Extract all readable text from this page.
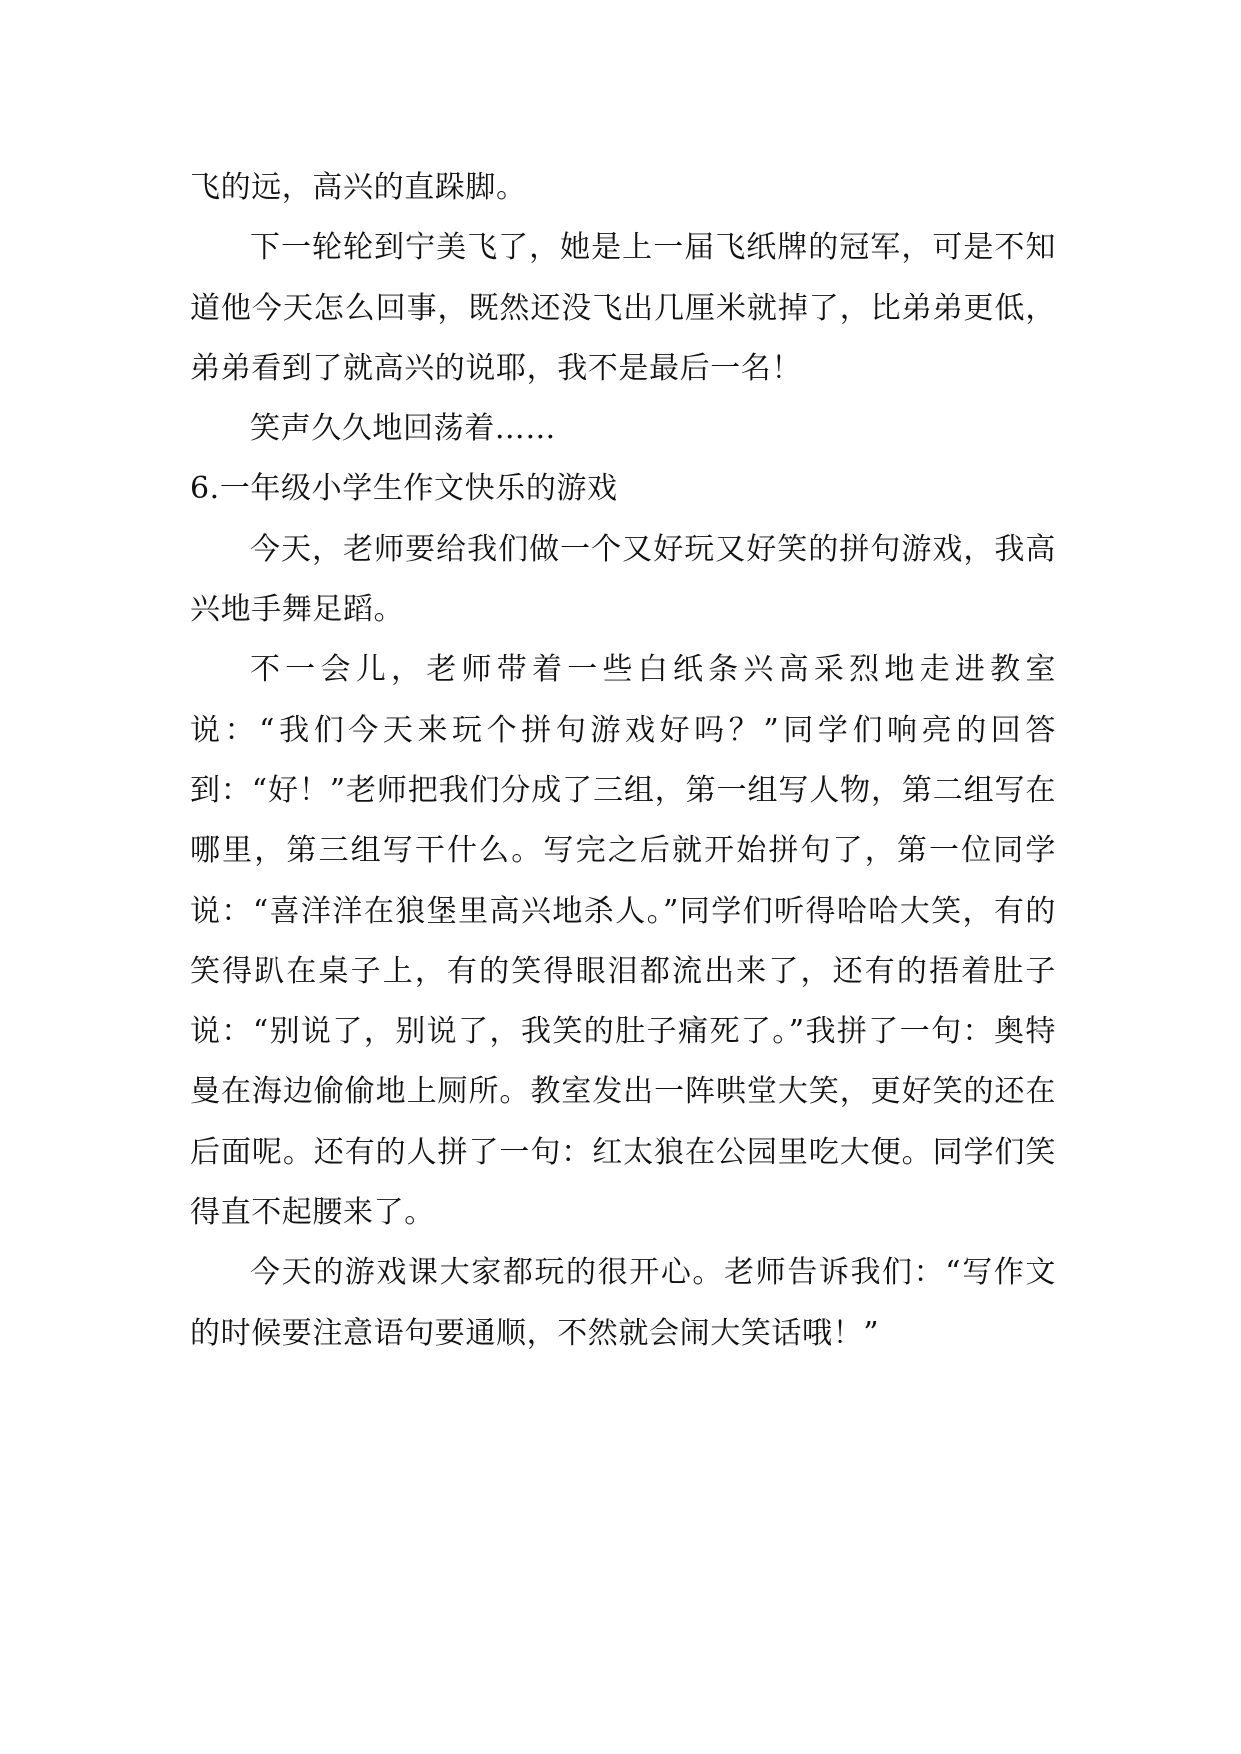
飞的远，高兴的直跺脚。

下一轮轮到宁美飞了，她是上一届飞纸牌的冠军，可是不知道他今天怎么回事，既然还没飞出几厘米就掉了，比弟弟更低，弟弟看到了就高兴的说耶，我不是最后一名！

笑声久久地回荡着……

6.一年级小学生作文快乐的游戏

今天，老师要给我们做一个又好玩又好笑的拼句游戏，我高兴地手舞足蹈。

不一会儿，老师带着一些白纸条兴高采烈地走进教室说：“我们今天来玩个拼句游戏好吗？”同学们响亮的回答到：“好！”老师把我们分成了三组，第一组写人物，第二组写在哪里，第三组写干什么。写完之后就开始拼句了，第一位同学说：“喜洋洋在狼堡里高兴地杀人。”同学们听得哈哈大笑，有的笑得趴在桌子上，有的笑得眼泪都流出来了，还有的捂着肚子说：“别说了，别说了，我笑的肚子痛死了。”我拼了一句：奥特曼在海边偷偷地上厕所。教室发出一阵哄堂大笑，更好笑的还在后面呢。还有的人拼了一句：红太狼在公园里吃大便。同学们笑得直不起腰来了。

今天的游戏课大家都玩的很开心。老师告诉我们：“写作文的时候要注意语句要通顺，不然就会闹大笑话哦！”
